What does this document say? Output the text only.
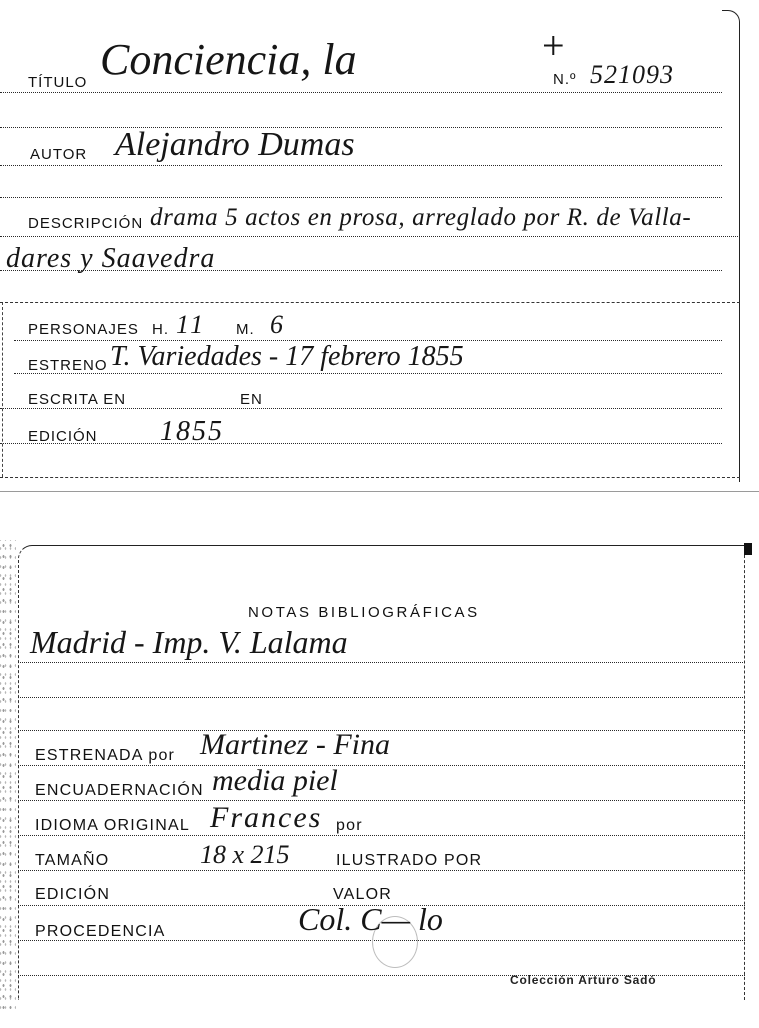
TÍTULO Conciencia, la	+
N.º 521093
AUTOR Alejandro Dumas
DESCRIPCIÓN drama 5 actos en prosa, arreglado por R. de Valla-
dares y Saavedra
PERSONAJES H. 11 M. 6
ESTRENO T. Variedades - 17 febrero 1855
ESCRITA EN	EN
EDICIÓN 1855
NOTAS BIBLIOGRÁFICAS
Madrid - Imp. V. Lalama
ESTRENADA por Martinez - Fina
ENCUADERNACIÓN media piel
IDIOMA ORIGINAL Frances por
TAMAÑO	18 x 215	ILUSTRADO POR
EDICIÓN	VALOR
PROCEDENCIA	Col. C— lo
Colección Arturo Sadó
